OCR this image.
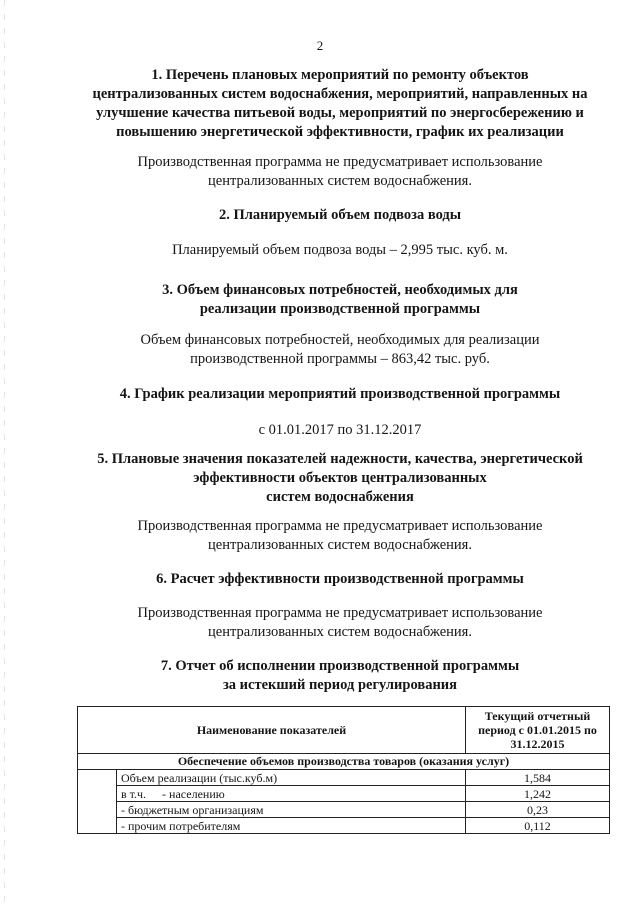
2
1. Перечень плановых мероприятий по ремонту объектов
централизованных систем водоснабжения, мероприятий, направленных на
улучшение качества питьевой воды, мероприятий по энергосбережению и
повышению энергетической эффективности, график их реализации
Производственная программа не предусматривает использование
централизованных систем водоснабжения.
2. Планируемый объем подвоза воды
Планируемый объем подвоза воды – 2,995 тыс. куб. м.
3. Объем финансовых потребностей, необходимых для
реализации производственной программы
Объем финансовых потребностей, необходимых для реализации
производственной программы – 863,42 тыс. руб.
4. График реализации мероприятий производственной программы
с 01.01.2017 по 31.12.2017
5. Плановые значения показателей надежности, качества, энергетической
эффективности объектов централизованных
систем водоснабжения
Производственная программа не предусматривает использование
централизованных систем водоснабжения.
6. Расчет эффективности производственной программы
Производственная программа не предусматривает использование
централизованных систем водоснабжения.
7. Отчет об исполнении производственной программы
за истекший период регулирования
Наименование показателей		Текущий отчетный
период с 01.01.2015 по
31.12.2015

Обеспечение объемов производства товаров (оказания услуг)		
	Объем реализации (тыс.куб.м)	1,584
	в т.ч. - населению	1,242
	- бюджетным организациям	0,23
	- прочим потребителям	0,112
